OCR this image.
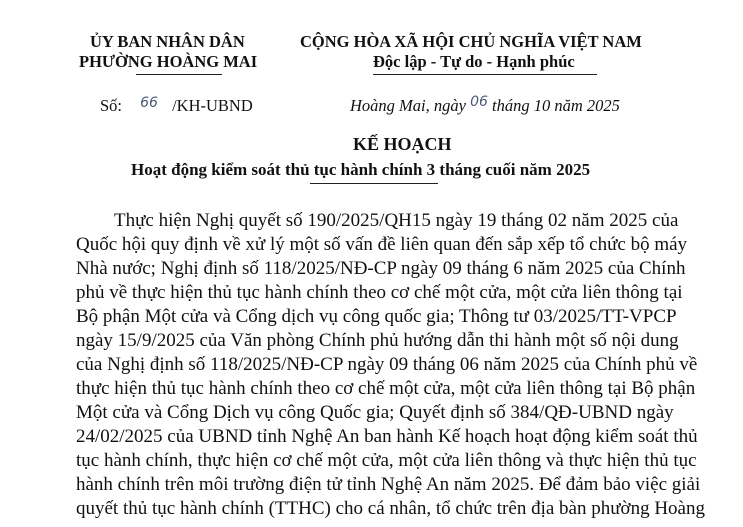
ỦY BAN NHÂN DÂN
PHƯỜNG HOÀNG MAI
CỘNG HÒA XÃ HỘI CHỦ NGHĨA VIỆT NAM
Độc lập - Tự do - Hạnh phúc
Số: $^{66}$ /KH-UBND	Hoàng Mai, ngày $^{06}$ tháng 10 năm 2025
KẾ HOẠCH
Hoạt động kiểm soát thủ tục hành chính 3 tháng cuối năm 2025
Thực hiện Nghị quyết số 190/2025/QH15 ngày 19 tháng 02 năm 2025 của
Quốc hội quy định về xử lý một số vấn đề liên quan đến sắp xếp tổ chức bộ máy
Nhà nước; Nghị định số 118/2025/NĐ-CP ngày 09 tháng 6 năm 2025 của Chính
phủ về thực hiện thủ tục hành chính theo cơ chế một cửa, một cửa liên thông tại
Bộ phận Một cửa và Cổng dịch vụ công quốc gia; Thông tư 03/2025/TT-VPCP
ngày 15/9/2025 của Văn phòng Chính phủ hướng dẫn thi hành một số nội dung
của Nghị định số 118/2025/NĐ-CP ngày 09 tháng 06 năm 2025 của Chính phủ về
thực hiện thủ tục hành chính theo cơ chế một cửa, một cửa liên thông tại Bộ phận
Một cửa và Cổng Dịch vụ công Quốc gia; Quyết định số 384/QĐ-UBND ngày
24/02/2025 của UBND tỉnh Nghệ An ban hành Kế hoạch hoạt động kiểm soát thủ
tục hành chính, thực hiện cơ chế một cửa, một cửa liên thông và thực hiện thủ tục
hành chính trên môi trường điện tử tỉnh Nghệ An năm 2025. Để đảm bảo việc giải
quyết thủ tục hành chính (TTHC) cho cá nhân, tổ chức trên địa bàn phường Hoàng
